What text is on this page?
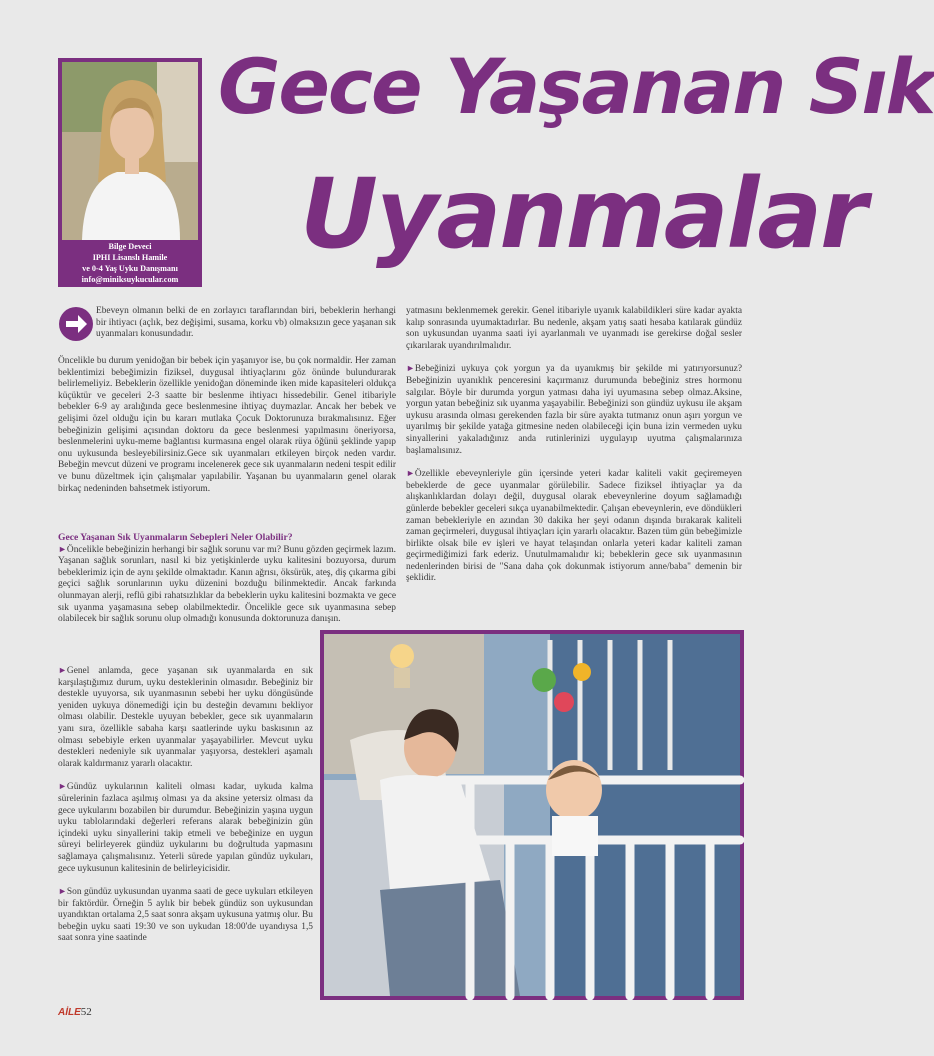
Bilge Deveci
IPHI Lisanslı Hamile
ve 0-4 Yaş Uyku Danışmanı
info@miniksuykucular.com
Gece Yaşanan Sık
Uyanmalar

Ebeveyn olmanın belki de en zorlayıcı taraflarından biri, bebeklerin herhangi bir ihtiyacı (açlık, bez değişimi, susama, korku vb) olmaksızın gece yaşanan sık uyanmaları konusundadır.

Öncelikle bu durum yenidoğan bir bebek için yaşanıyor ise, bu çok normaldir. Her zaman beklentimizi bebeğimizin fiziksel, duygusal ihtiyaçlarını göz önünde bulundurarak belirlemeliyiz. Bebeklerin özellikle yenidoğan döneminde iken mide kapasiteleri oldukça küçüktür ve geceleri 2-3 saatte bir beslenme ihtiyacı hissedebilir. Genel itibariyle bebekler 6-9 ay aralığında gece beslenmesine ihtiyaç duymazlar. Ancak her bebek ve gelişimi özel olduğu için bu kararı mutlaka Çocuk Doktorunuza bırakmalısınız. Eğer bebeğinizin gelişimi açısından doktoru da gece beslenmesi yapılmasını öneriyorsa, beslenmelerini uyku-meme bağlantısı kurmasına engel olarak rüya öğünü şeklinde yapıp onu uykusunda besleyebilirsiniz.Gece sık uyanmaları etkileyen birçok neden vardır. Bebeğin mevcut düzeni ve programı incelenerek gece sık uyanmaların nedeni tespit edilir ve bunu düzeltmek için çalışmalar yapılabilir. Yaşanan bu uyanmaların genel olarak birkaç nedeninden bahsetmek istiyorum.

Gece Yaşanan Sık Uyanmaların Sebepleri Neler Olabilir?

►Öncelikle bebeğinizin herhangi bir sağlık sorunu var mı? Bunu gözden geçirmek lazım. Yaşanan sağlık sorunları, nasıl ki biz yetişkinlerde uyku kalitesini bozuyorsa, durum bebeklerimiz için de aynı şekilde olmaktadır. Kanın ağrısı, öksürük, ateş, diş çıkarma gibi geçici sağlık sorunlarının uyku düzenini bozduğu bilinmektedir. Ancak farkında olunmayan alerji, reflü gibi rahatsızlıklar da bebeklerin uyku kalitesini bozmakta ve gece sık uyanma yaşamasına sebep olabilmektedir. Öncelikle gece sık uyanmasına sebep olabilecek bir sağlık sorunu olup olmadığı konusunda doktorunuza danışın.

►Genel anlamda, gece yaşanan sık uyanmalarda en sık karşılaştığımız durum, uyku desteklerinin olmasıdır. Bebeğiniz bir destekle uyuyorsa, sık uyanmasının sebebi her uyku döngüsünde yeniden uykuya dönemediği için bu desteğin devamını bekliyor olması olabilir. Destekle uyuyan bebekler, gece sık uyanmaların yanı sıra, özellikle sabaha karşı saatlerinde uyku baskısının az olması sebebiyle erken uyanmalar yaşayabilirler. Mevcut uyku destekleri nedeniyle sık uyanmalar yaşıyorsa, destekleri aşamalı olarak kaldırmanız yararlı olacaktır.

►Gündüz uykularının kaliteli olması kadar, uykuda kalma sürelerinin fazlaca aşılmış olması ya da aksine yetersiz olması da gece uykularını bozabilen bir durumdur. Bebeğinizin yaşına uygun uyku tablolarındaki değerleri referans alarak bebeğinizin gün içindeki uyku sinyallerini takip etmeli ve bebeğinize en uygun süreyi belirleyerek gündüz uykularını bu doğrultuda yapmasını sağlamaya çalışmalısınız. Yeterli sürede yapılan gündüz uykuları, gece uykusunun kalitesinin de belirleyicisidir.

►Son gündüz uykusundan uyanma saati de gece uykuları etkileyen bir faktördür. Örneğin 5 aylık bir bebek gündüz son uykusundan uyandıktan ortalama 2,5 saat sonra akşam uykusuna yatmış olur. Bu bebeğin uyku saati 19:30 ve son uykudan 18:00'de uyandıysa 1,5 saat sonra yine saatinde

yatmasını beklenmemek gerekir. Genel itibariyle uyanık kalabildikleri süre kadar ayakta kalıp sonrasında uyumaktadırlar. Bu nedenle, akşam yatış saati hesaba katılarak gündüz son uykusundan uyanma saati iyi ayarlanmalı ve uyanmadı ise gerekirse doğal sesler çıkarılarak uyandırılmalıdır.

►Bebeğinizi uykuya çok yorgun ya da uyanıkmış bir şekilde mi yatırıyorsunuz? Bebeğinizin uyanıklık penceresini kaçırmanız durumunda bebeğiniz stres hormonu salgılar. Böyle bir durumda yorgun yatması daha iyi uyumasına sebep olmaz.Aksine, yorgun yatan bebeğiniz sık uyanma yaşayabilir. Bebeğinizi son gündüz uykusu ile akşam uykusu arasında olması gerekenden fazla bir süre ayakta tutmanız onun aşırı yorgun ve uyarılmış bir şekilde yatağa gitmesine neden olabileceği için buna izin vermeden uyku sinyallerini yakaladığınız anda rutinlerinizi uygulayıp uyutma çalışmalarınıza başlamalısınız.

►Özellikle ebeveynleriyle gün içersinde yeteri kadar kaliteli vakit geçiremeyen bebeklerde de gece uyanmalar görülebilir. Sadece fiziksel ihtiyaçlar ya da alışkanlıklardan dolayı değil, duygusal olarak ebeveynlerine doyum sağlamadığı günlerde bebekler geceleri sıkça uyanabilmektedir. Çalışan ebeveynlerin, eve döndükleri zaman bebekleriyle en azından 30 dakika her şeyi odanın dışında bırakarak kaliteli zaman geçirmeleri, duygusal ihtiyaçları için yararlı olacaktır. Bazen tüm gün bebeğimizle birlikte olsak bile ev işleri ve hayat telaşından onlarla yeteri kadar kaliteli zaman geçirmediğimizi fark ederiz. Unutulmamalıdır ki; bebeklerin gece sık uyanmasının nedenlerinden birisi de "Sana daha çok dokunmak istiyorum anne/baba" demenin bir şeklidir.

AİLE52
